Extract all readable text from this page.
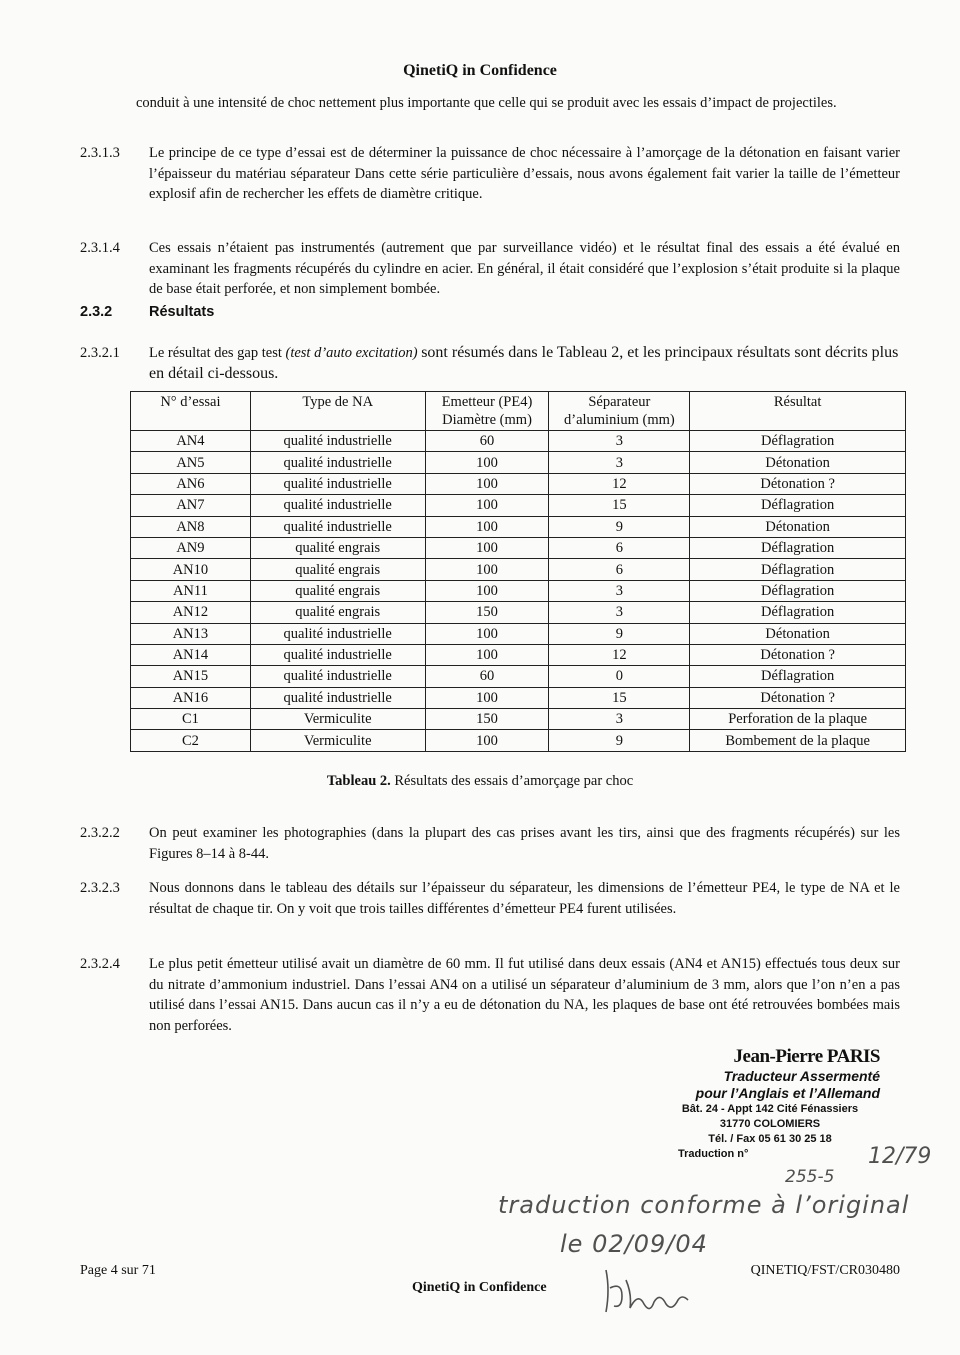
QinetiQ in Confidence
conduit à une intensité de choc nettement plus importante que celle qui se produit avec les essais d’impact de projectiles.
2.3.1.3 Le principe de ce type d’essai est de déterminer la puissance de choc nécessaire à l’amorçage de la détonation en faisant varier l’épaisseur du matériau séparateur Dans cette série particulière d’essais, nous avons également fait varier la taille de l’émetteur explosif afin de rechercher les effets de diamètre critique.
2.3.1.4 Ces essais n’étaient pas instrumentés (autrement que par surveillance vidéo) et le résultat final des essais a été évalué en examinant les fragments récupérés du cylindre en acier. En général, il était considéré que l’explosion s’était produite si la plaque de base était perforée, et non simplement bombée.
2.3.2	Résultats
2.3.2.1 Le résultat des gap test (test d’auto excitation) sont résumés dans le Tableau 2, et les principaux résultats sont décrits plus en détail ci-dessous.
N° d’essai	Type de NA	Emetteur (PE4) Diamètre (mm)	Séparateur d’aluminium (mm)	Résultat
AN4	qualité industrielle	60	3	Déflagration
AN5	qualité industrielle	100	3	Détonation
AN6	qualité industrielle	100	12	Détonation ?
AN7	qualité industrielle	100	15	Déflagration
AN8	qualité industrielle	100	9	Détonation
AN9	qualité engrais	100	6	Déflagration
AN10	qualité engrais	100	6	Déflagration
AN11	qualité engrais	100	3	Déflagration
AN12	qualité engrais	150	3	Déflagration
AN13	qualité industrielle	100	9	Détonation
AN14	qualité industrielle	100	12	Détonation ?
AN15	qualité industrielle	60	0	Déflagration
AN16	qualité industrielle	100	15	Détonation ?
C1	Vermiculite	150	3	Perforation de la plaque
C2	Vermiculite	100	9	Bombement de la plaque
Tableau 2. Résultats des essais d’amorçage par choc
2.3.2.2 On peut examiner les photographies (dans la plupart des cas prises avant les tirs, ainsi que des fragments récupérés) sur les Figures 8–14 à 8-44.
2.3.2.3 Nous donnons dans le tableau des détails sur l’épaisseur du séparateur, les dimensions de l’émetteur PE4, le type de NA et le résultat de chaque tir. On y voit que trois tailles différentes d’émetteur PE4 furent utilisées.
2.3.2.4 Le plus petit émetteur utilisé avait un diamètre de 60 mm. Il fut utilisé dans deux essais (AN4 et AN15) effectués tous deux sur du nitrate d’ammonium industriel. Dans l’essai AN4 on a utilisé un séparateur d’aluminium de 3 mm, alors que l’on n’en a pas utilisé dans l’essai AN15. Dans aucun cas il n’y a eu de détonation du NA, les plaques de base ont été retrouvées bombées mais non perforées.
Jean-Pierre PARIS
Traducteur Assermenté
pour l’Anglais et l’Allemand
Bât. 24 - Appt 142 Cité Fénassiers
31770 COLOMIERS
Tél. / Fax 05 61 30 25 18
Traduction n°	12/79
255-5
traduction conforme à l’original
le 02/09/04
Page 4 sur 71
QinetiQ in Confidence
QINETIQ/FST/CR030480
